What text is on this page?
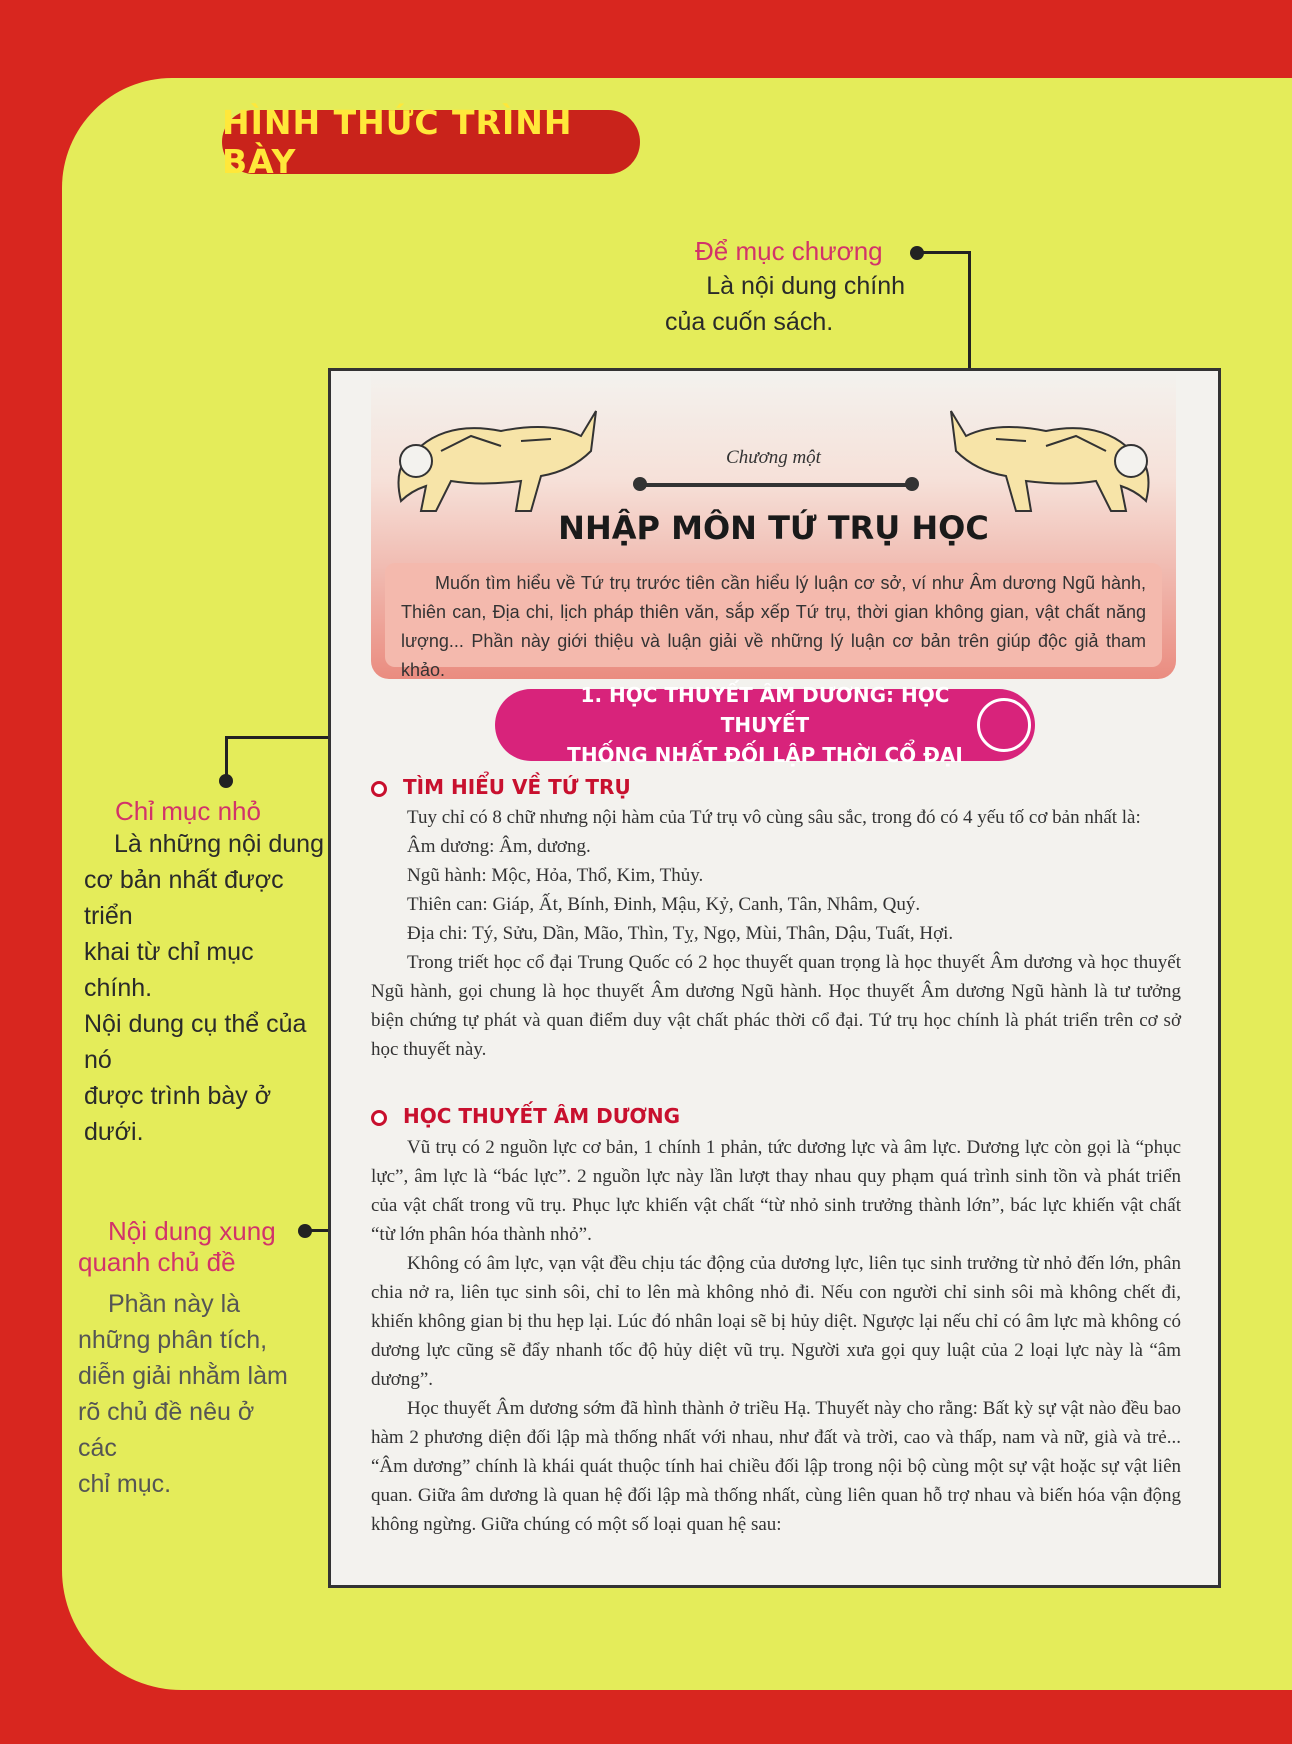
HÌNH THỨC TRÌNH BÀY
Để mục chương
Là nội dung chính
của cuốn sách.
Chỉ mục nhỏ
Là những nội dung
cơ bản nhất được triển
khai từ chỉ mục chính.
Nội dung cụ thể của nó
được trình bày ở dưới.
Nội dung xung
quanh chủ đề
Phần này là
những phân tích,
diễn giải nhằm làm
rõ chủ đề nêu ở các
chỉ mục.
Chương một
NHẬP MÔN TỨ TRỤ HỌC
Muốn tìm hiểu về Tứ trụ trước tiên cần hiểu lý luận cơ sở, ví như Âm dương Ngũ hành, Thiên can, Địa chi, lịch pháp thiên văn, sắp xếp Tứ trụ, thời gian không gian, vật chất năng lượng... Phần này giới thiệu và luận giải về những lý luận cơ bản trên giúp độc giả tham khảo.
1. HỌC THUYẾT ÂM DƯƠNG: HỌC THUYẾT
THỐNG NHẤT ĐỐI LẬP THỜI CỔ ĐẠI
TÌM HIỂU VỀ TỨ TRỤ

Tuy chỉ có 8 chữ nhưng nội hàm của Tứ trụ vô cùng sâu sắc, trong đó có 4 yếu tố cơ bản nhất là:

Âm dương: Âm, dương.

Ngũ hành: Mộc, Hỏa, Thổ, Kim, Thủy.

Thiên can: Giáp, Ất, Bính, Đinh, Mậu, Kỷ, Canh, Tân, Nhâm, Quý.

Địa chi: Tý, Sửu, Dần, Mão, Thìn, Tỵ, Ngọ, Mùi, Thân, Dậu, Tuất, Hợi.

Trong triết học cổ đại Trung Quốc có 2 học thuyết quan trọng là học thuyết Âm dương và học thuyết Ngũ hành, gọi chung là học thuyết Âm dương Ngũ hành. Học thuyết Âm dương Ngũ hành là tư tưởng biện chứng tự phát và quan điểm duy vật chất phác thời cổ đại. Tứ trụ học chính là phát triển trên cơ sở học thuyết này.

HỌC THUYẾT ÂM DƯƠNG

Vũ trụ có 2 nguồn lực cơ bản, 1 chính 1 phản, tức dương lực và âm lực. Dương lực còn gọi là “phục lực”, âm lực là “bác lực”. 2 nguồn lực này lần lượt thay nhau quy phạm quá trình sinh tồn và phát triển của vật chất trong vũ trụ. Phục lực khiến vật chất “từ nhỏ sinh trưởng thành lớn”, bác lực khiến vật chất “từ lớn phân hóa thành nhỏ”.

Không có âm lực, vạn vật đều chịu tác động của dương lực, liên tục sinh trưởng từ nhỏ đến lớn, phân chia nở ra, liên tục sinh sôi, chỉ to lên mà không nhỏ đi. Nếu con người chỉ sinh sôi mà không chết đi, khiến không gian bị thu hẹp lại. Lúc đó nhân loại sẽ bị hủy diệt. Ngược lại nếu chỉ có âm lực mà không có dương lực cũng sẽ đẩy nhanh tốc độ hủy diệt vũ trụ. Người xưa gọi quy luật của 2 loại lực này là “âm dương”.

Học thuyết Âm dương sớm đã hình thành ở triều Hạ. Thuyết này cho rằng: Bất kỳ sự vật nào đều bao hàm 2 phương diện đối lập mà thống nhất với nhau, như đất và trời, cao và thấp, nam và nữ, già và trẻ... “Âm dương” chính là khái quát thuộc tính hai chiều đối lập trong nội bộ cùng một sự vật hoặc sự vật liên quan. Giữa âm dương là quan hệ đối lập mà thống nhất, cùng liên quan hỗ trợ nhau và biến hóa vận động không ngừng. Giữa chúng có một số loại quan hệ sau:
